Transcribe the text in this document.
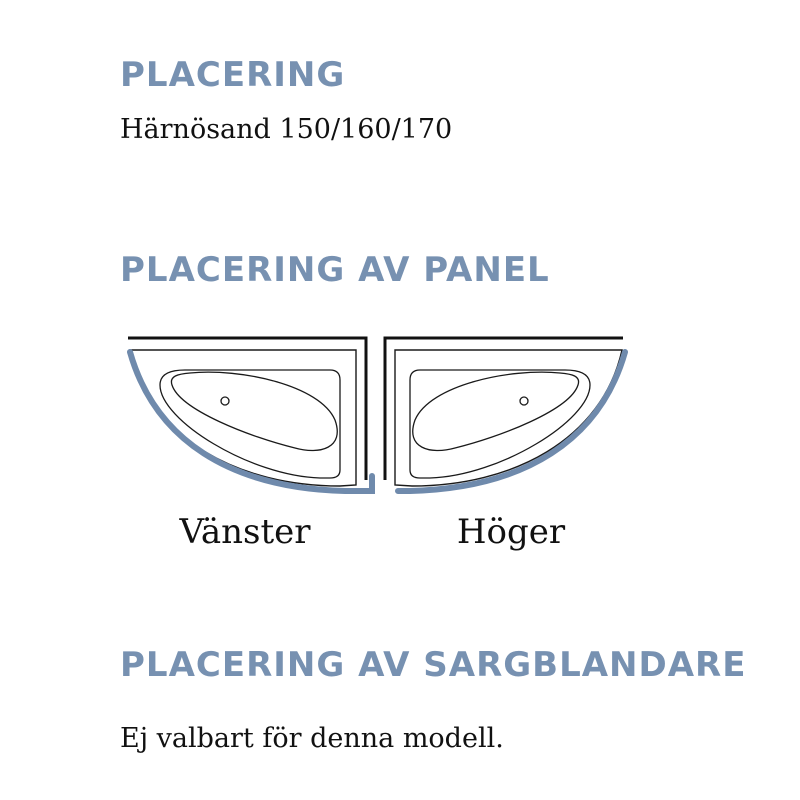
PLACERING

Härnösand 150/160/170

PLACERING AV PANEL

Vänster	Höger

PLACERING AV SARGBLANDARE

Ej valbart för denna modell.
